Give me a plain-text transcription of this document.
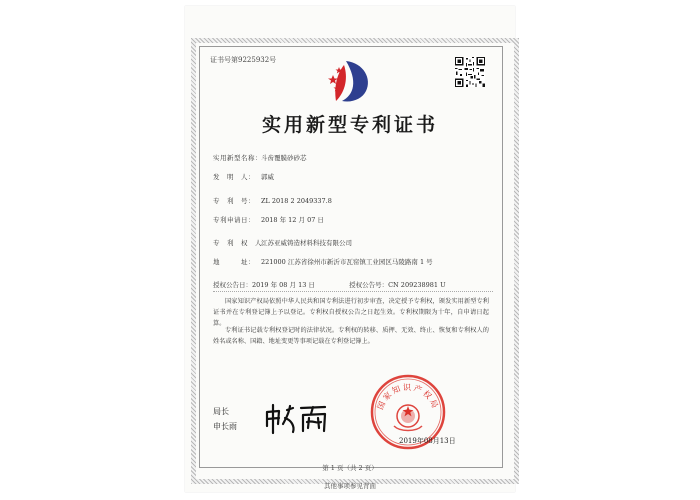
证书号第9225932号
实用新型专利证书
实用新型名称：斗齿覆膜砂砂芯
发　明　人： 郭威
专　利　号： ZL 2018 2 2049337.8
专利申请日： 2018 年 12 月 07 日
专　利　权　人：江苏亚威铸造材料科技有限公司
地　　　址： 221000 江苏省徐州市新沂市瓦窑镇工业园区马陵路南 1 号
授权公告日：2019 年 08 月 13 日	授权公告号：CN 209238981 U
国家知识产权局依照中华人民共和国专利法进行初步审查，决定授予专利权，颁发实用新型专利证书并在专利登记簿上予以登记。专利权自授权公告之日起生效。专利权期限为十年，自申请日起算。
专利证书记载专利权登记时的法律状况。专利权的转移、质押、无效、终止、恢复和专利权人的姓名或名称、国籍、地址变更等事项记载在专利登记簿上。
局长
申长雨
国家知识产权局
2019年08月13日
第 1 页（共 2 页）
其他事项参见背面
